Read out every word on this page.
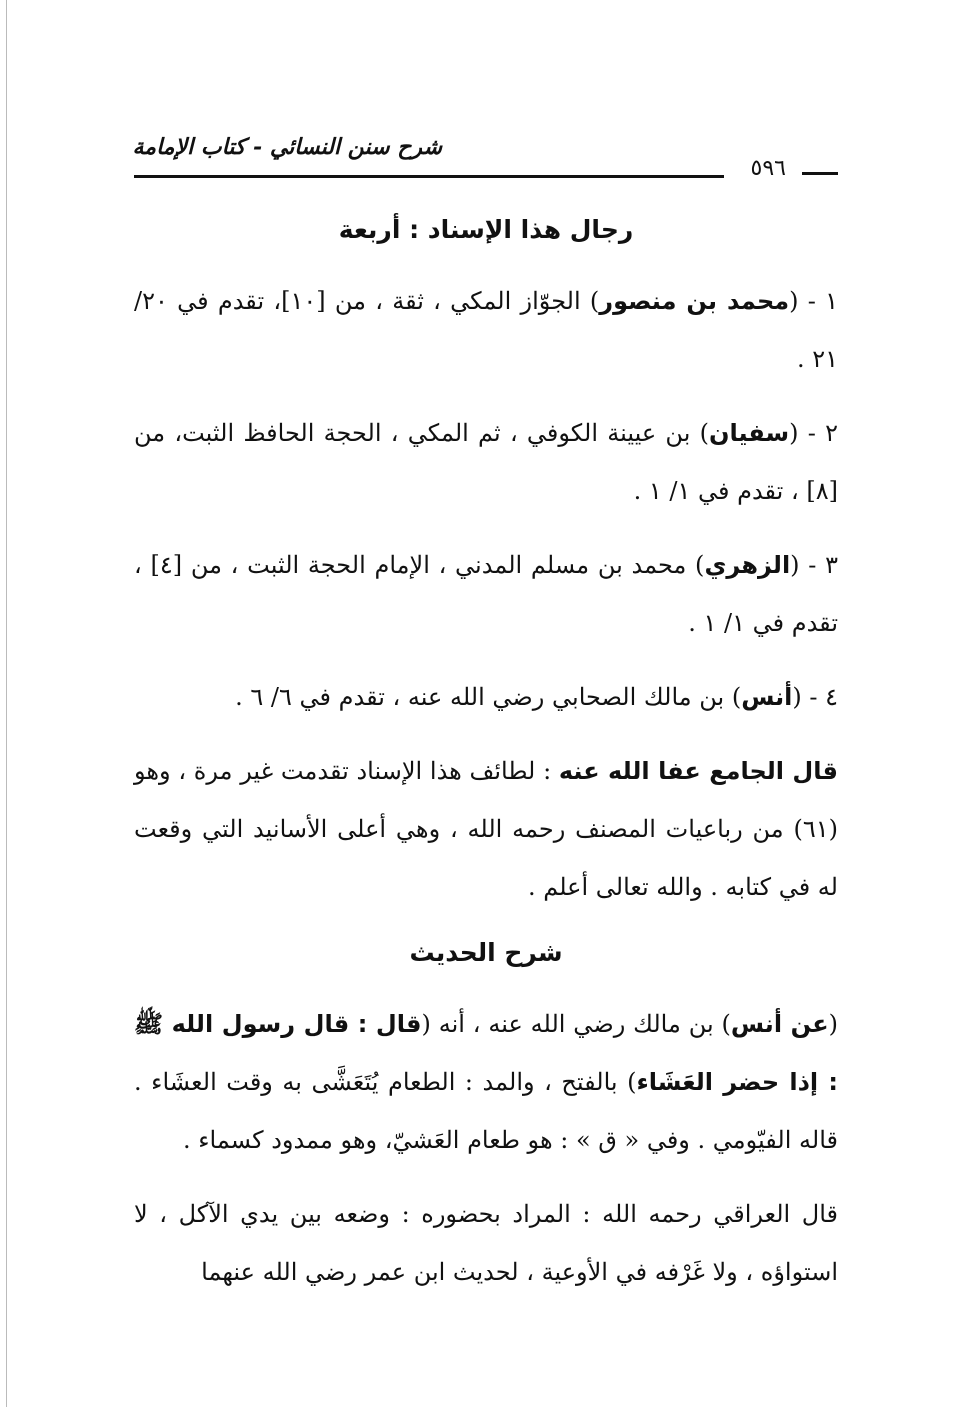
شرح سنن النسائي - كتاب الإمامة
٥٩٦
رجال هذا الإسناد : أربعة

١ - (محمد بن منصور) الجوّاز المكي ، ثقة ، من [١٠]، تقدم في ٢٠/ ٢١ .

٢ - (سفيان) بن عيينة الكوفي ، ثم المكي ، الحجة الحافظ الثبت، من [٨] ، تقدم في ١/ ١ .

٣ - (الزهري) محمد بن مسلم المدني ، الإمام الحجة الثبت ، من [٤] ، تقدم في ١/ ١ .

٤ - (أنس) بن مالك الصحابي رضي الله عنه ، تقدم في ٦/ ٦ .

قال الجامع عفا الله عنه : لطائف هذا الإسناد تقدمت غير مرة ، وهو (٦١) من رباعيات المصنف رحمه الله ، وهي أعلى الأسانيد التي وقعت له في كتابه . والله تعالى أعلم .

شرح الحديث

(عن أنس) بن مالك رضي الله عنه ، أنه (قال : قال رسول الله ﷺ : إذا حضر العَشَاء) بالفتح ، والمد : الطعام يُتَعَشَّى به وقت العشَاء . قاله الفيّومي . وفي « ق » : هو طعام العَشيّ، وهو ممدود كسماء .

قال العراقي رحمه الله : المراد بحضوره : وضعه بين يدي الآكل ، لا استواؤه ، ولا غَرْفه في الأوعية ، لحديث ابن عمر رضي الله عنهما
